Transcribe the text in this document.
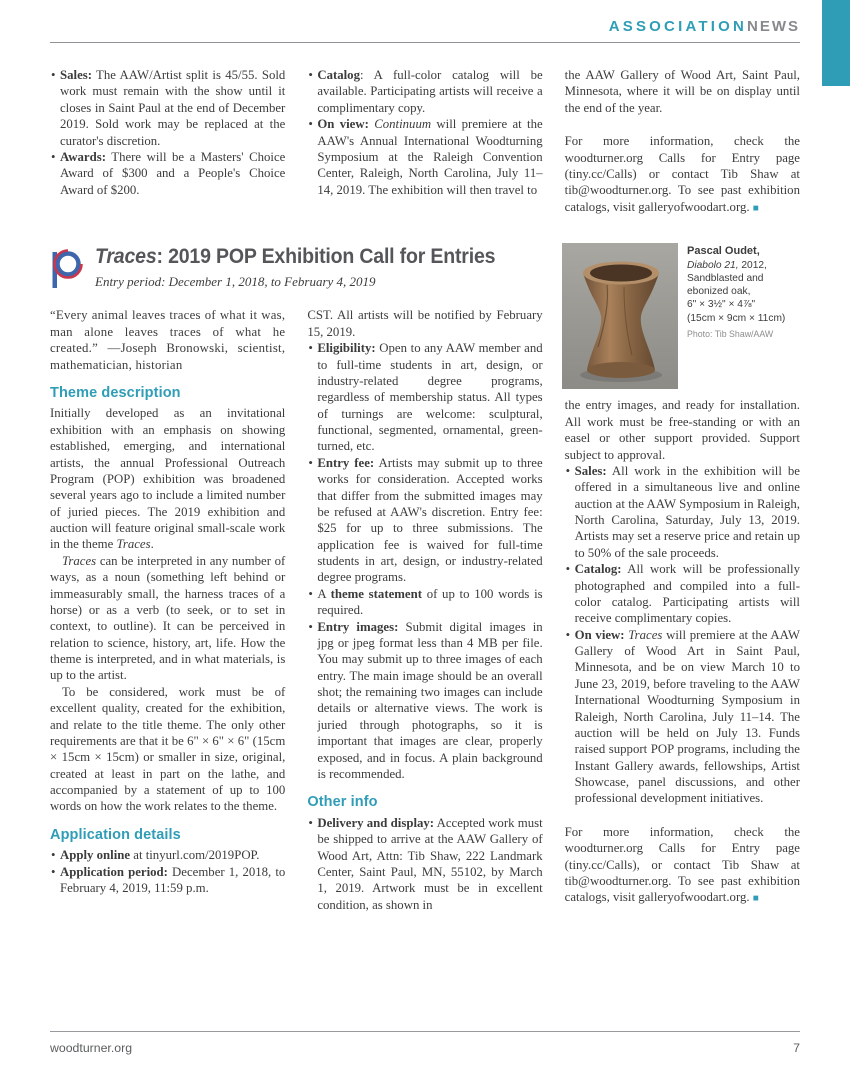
ASSOCIATIONNEWS
• Sales: The AAW/Artist split is 45/55. Sold work must remain with the show until it closes in Saint Paul at the end of December 2019. Sold work may be replaced at the curator's discretion.
• Awards: There will be a Masters' Choice Award of $300 and a People's Choice Award of $200.
• Catalog: A full-color catalog will be available. Participating artists will receive a complimentary copy.
• On view: Continuum will premiere at the AAW's Annual International Woodturning Symposium at the Raleigh Convention Center, Raleigh, North Carolina, July 11–14, 2019. The exhibition will then travel to

the AAW Gallery of Wood Art, Saint Paul, Minnesota, where it will be on display until the end of the year.

For more information, check the woodturner.org Calls for Entry page (tiny.cc/Calls) or contact Tib Shaw at tib@woodturner.org. To see past exhibition catalogs, visit galleryofwoodart.org. ■

Traces: 2019 POP Exhibition Call for Entries

Entry period: December 1, 2018, to February 4, 2019

Pascal Oudet,

Diabolo 21, 2012,

Sandblasted and ebonized oak,

6" × 3½" × 4⅞"

(15cm × 9cm × 11cm)

Photo: Tib Shaw/AAW

“Every animal leaves traces of what it was, man alone leaves traces of what he created.” —Joseph Bronowski, scientist, mathematician, historian

Theme description

Initially developed as an invitational exhibition with an emphasis on showing established, emerging, and international artists, the annual Professional Outreach Program (POP) exhibition was broadened several years ago to include a limited number of juried pieces. The 2019 exhibition and auction will feature original small-scale work in the theme Traces.

Traces can be interpreted in any number of ways, as a noun (something left behind or immeasurably small, the harness traces of a horse) or as a verb (to seek, or to set in context, to outline). It can be perceived in relation to science, history, art, life. How the theme is interpreted, and in what materials, is up to the artist.

To be considered, work must be of excellent quality, created for the exhibition, and relate to the title theme. The only other requirements are that it be 6" × 6" × 6" (15cm × 15cm × 15cm) or smaller in size, original, created at least in part on the lathe, and accompanied by a statement of up to 100 words on how the work relates to the theme.

Application details
• Apply online at tinyurl.com/2019POP.
• Application period: December 1, 2018, to February 4, 2019, 11:59 p.m.

CST. All artists will be notified by February 15, 2019.

• Eligibility: Open to any AAW member and to full-time students in art, design, or industry-related degree programs, regardless of membership status. All types of turnings are welcome: sculptural, functional, segmented, ornamental, green-turned, etc.
• Entry fee: Artists may submit up to three works for consideration. Accepted works that differ from the submitted images may be refused at AAW's discretion. Entry fee: $25 for up to three submissions. The application fee is waived for full-time students in art, design, or industry-related degree programs.
• A theme statement of up to 100 words is required.
• Entry images: Submit digital images in jpg or jpeg format less than 4 MB per file. You may submit up to three images of each entry. The main image should be an overall shot; the remaining two images can include details or alternative views. The work is juried through photographs, so it is important that images are clear, properly exposed, and in focus. A plain background is recommended.
Other info
• Delivery and display: Accepted work must be shipped to arrive at the AAW Gallery of Wood Art, Attn: Tib Shaw, 222 Landmark Center, Saint Paul, MN, 55102, by March 1, 2019. Artwork must be in excellent condition, as shown in

the entry images, and ready for installation. All work must be free-standing or with an easel or other support provided. Support subject to approval.

• Sales: All work in the exhibition will be offered in a simultaneous live and online auction at the AAW Symposium in Raleigh, North Carolina, Saturday, July 13, 2019. Artists may set a reserve price and retain up to 50% of the sale proceeds.
• Catalog: All work will be professionally photographed and compiled into a full-color catalog. Participating artists will receive complimentary copies.
• On view: Traces will premiere at the AAW Gallery of Wood Art in Saint Paul, Minnesota, and be on view March 10 to June 23, 2019, before traveling to the AAW International Woodturning Symposium in Raleigh, North Carolina, July 11–14. The auction will be held on July 13. Funds raised support POP programs, including the Instant Gallery awards, fellowships, Artist Showcase, panel discussions, and other professional development initiatives.

For more information, check the woodturner.org Calls for Entry page (tiny.cc/Calls), or contact Tib Shaw at tib@woodturner.org. To see past exhibition catalogs, visit galleryofwoodart.org. ■

woodturner.org	7
